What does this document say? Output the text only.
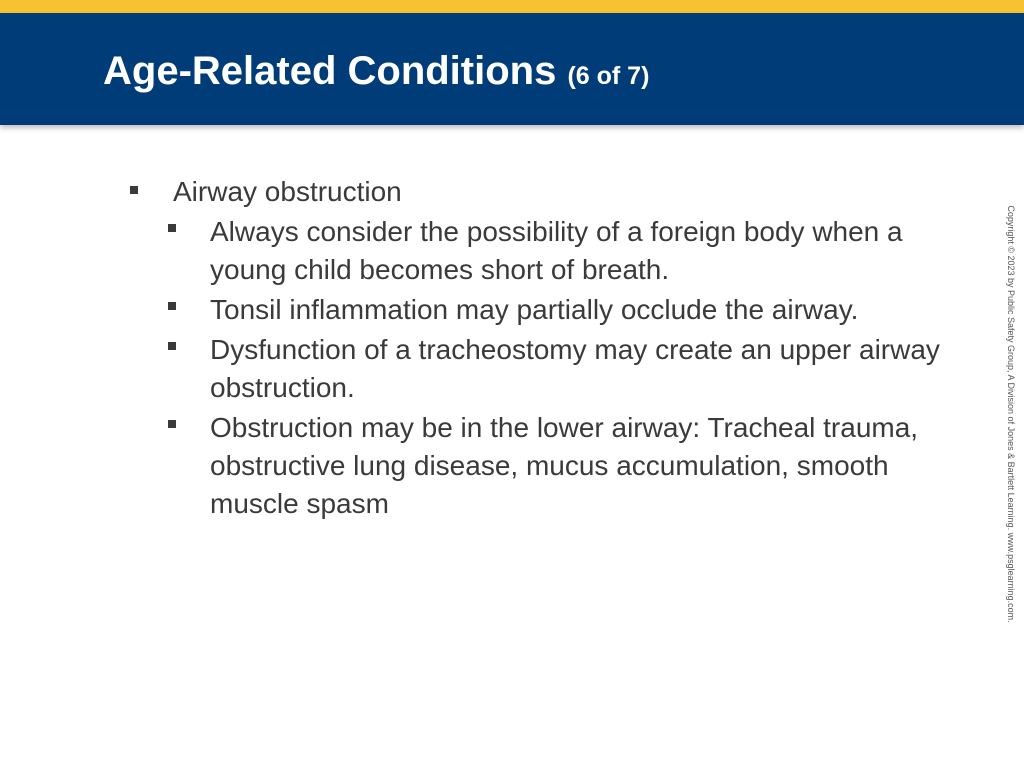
Age-Related Conditions (6 of 7)
Airway obstruction
Always consider the possibility of a foreign body when a young child becomes short of breath.
Tonsil inflammation may partially occlude the airway.
Dysfunction of a tracheostomy may create an upper airway obstruction.
Obstruction may be in the lower airway: Tracheal trauma, obstructive lung disease, mucus accumulation, smooth muscle spasm	Copyright © 2023 by Public Safety Group, A Division of Jones & Bartlett Learning. www.psglearning.com.
